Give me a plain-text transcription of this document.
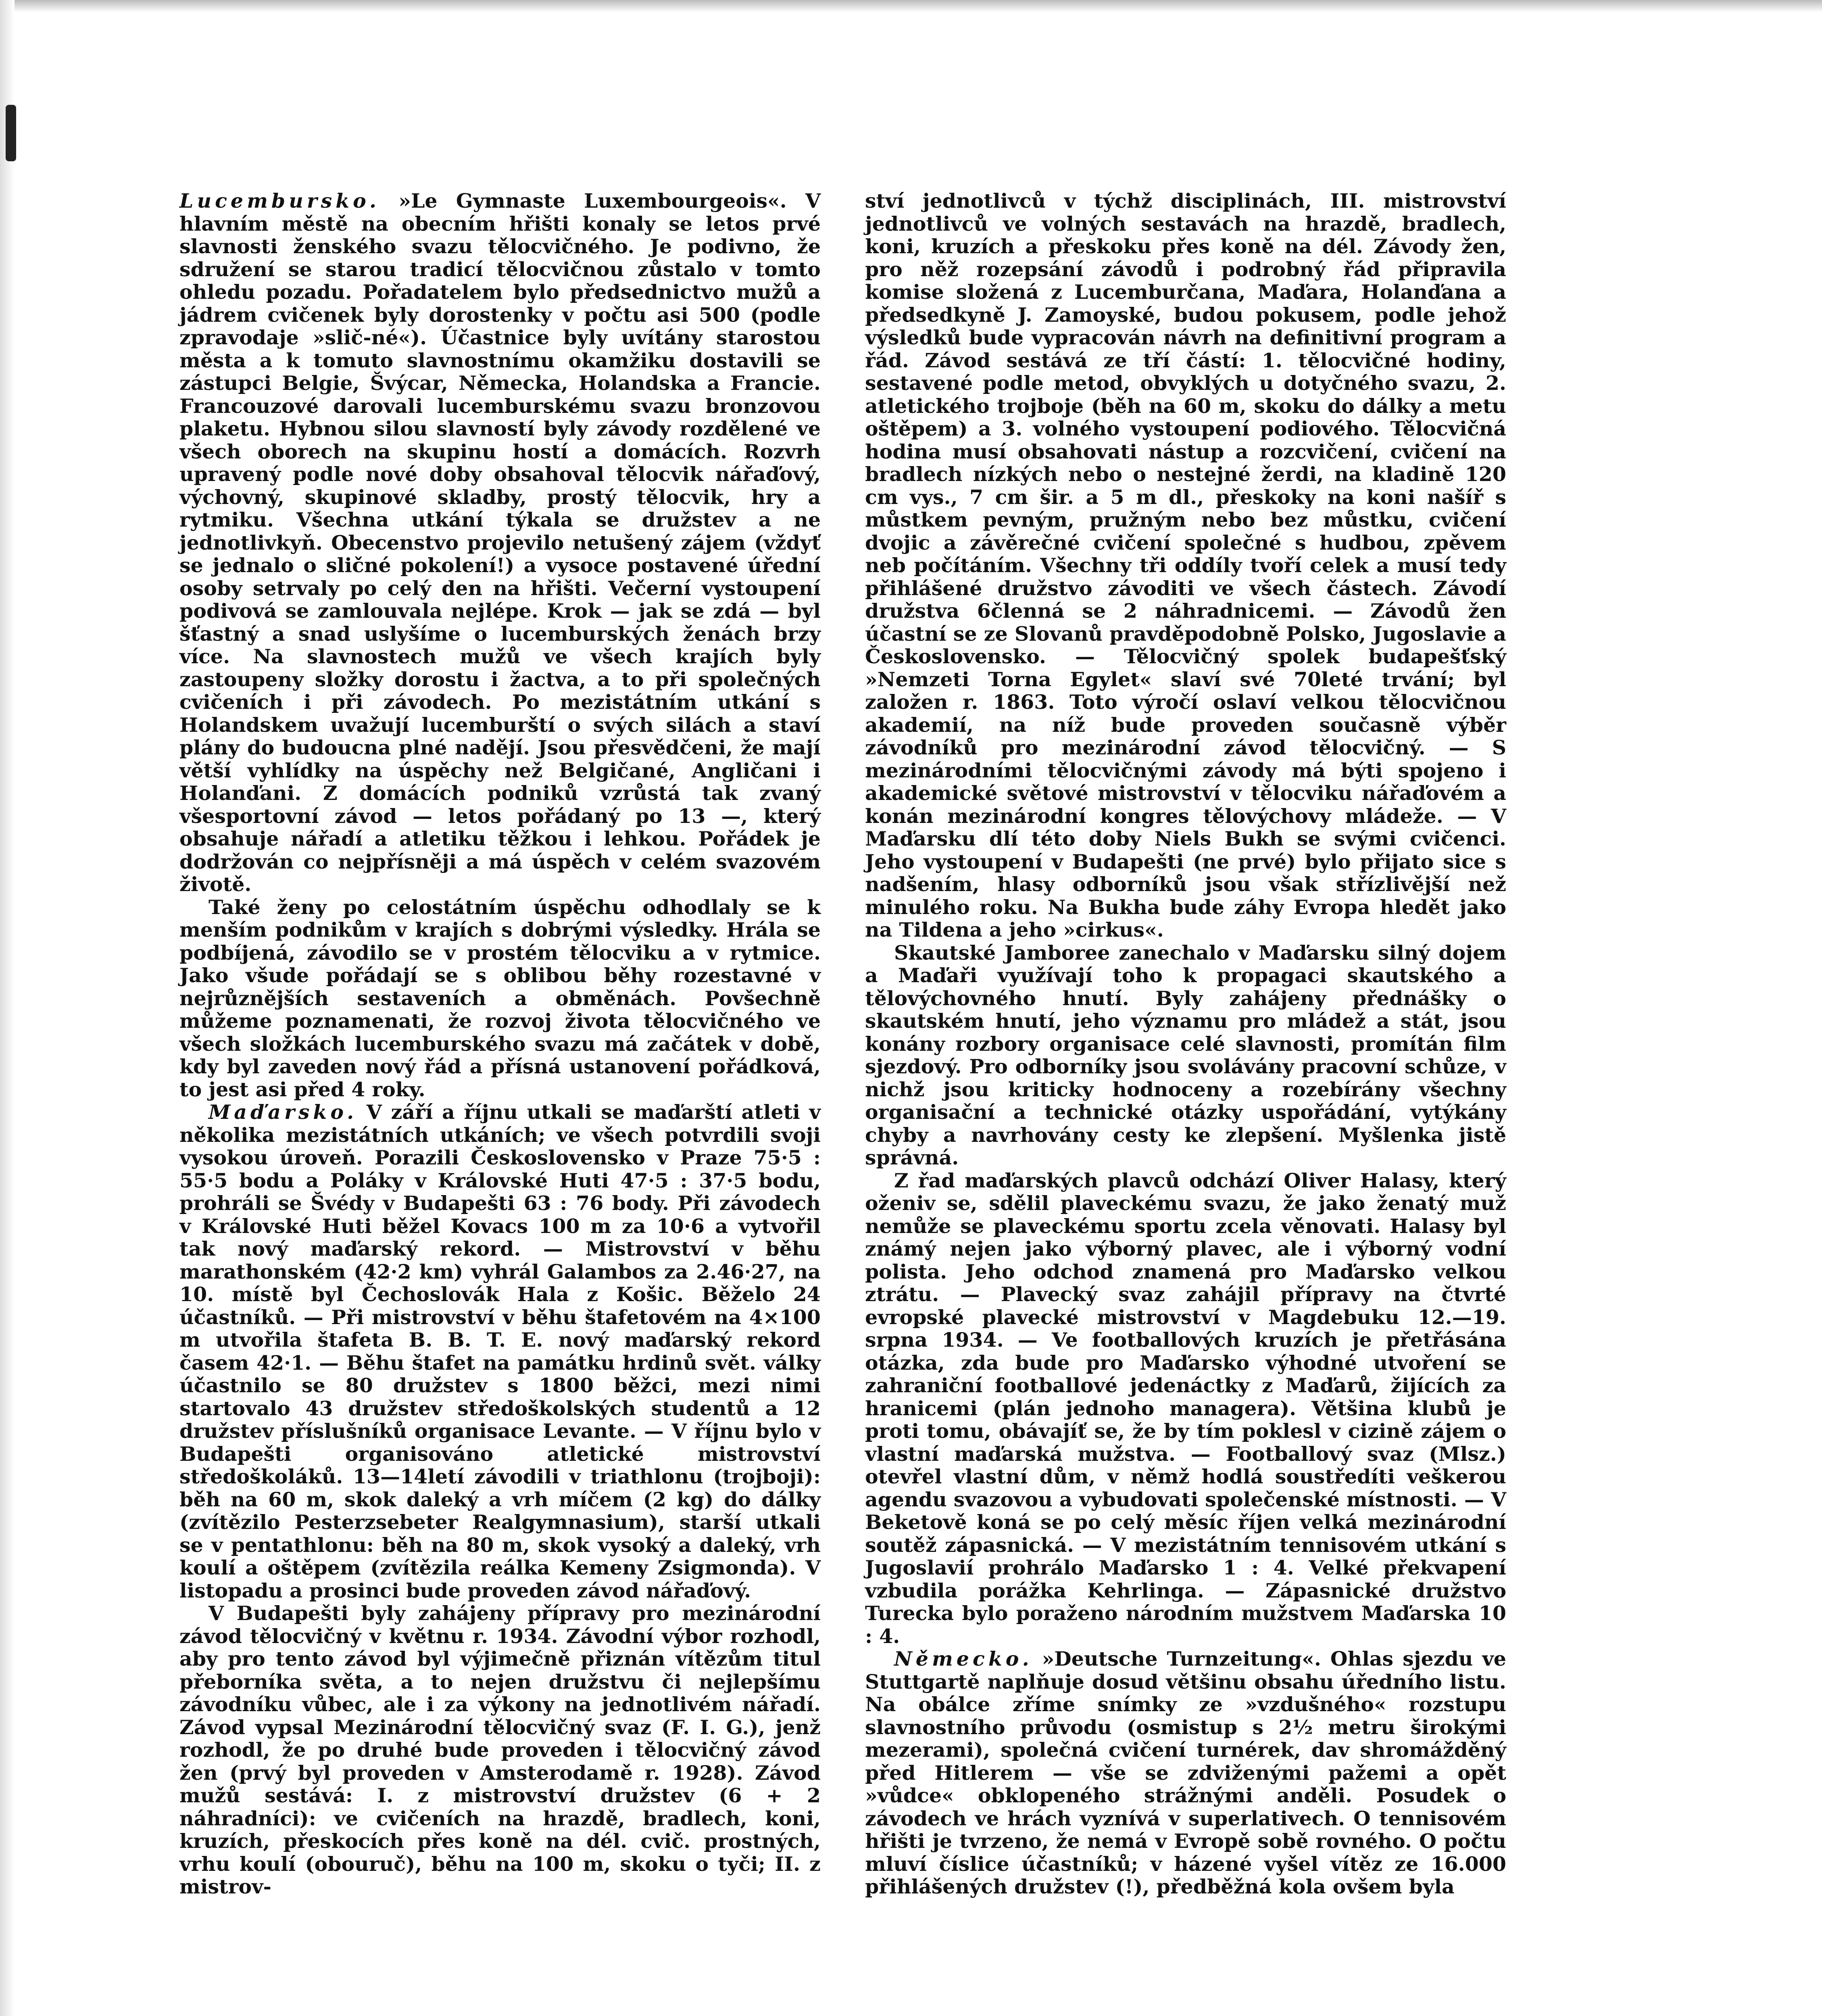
Lucembursko. »Le Gymnaste Luxembourgeois«. V hlavním městě na obecním hřišti konaly se letos prvé slavnosti ženského svazu tělocvičného. Je podivno, že sdružení se starou tradicí tělocvičnou zůstalo v tomto ohledu pozadu. Pořadatelem bylo předsednictvo mužů a jádrem cvičenek byly dorostenky v počtu asi 500 (podle zpravodaje »slič-né«). Účastnice byly uvítány starostou města a k tomuto slavnostnímu okamžiku dostavili se zástupci Belgie, Švýcar, Německa, Holandska a Francie. Francouzové darovali lucemburskému svazu bronzovou plaketu. Hybnou silou slavností byly závody rozdělené ve všech oborech na skupinu hostí a domácích. Rozvrh upravený podle nové doby obsahoval tělocvik nářaďový, výchovný, skupinové skladby, prostý tělocvik, hry a rytmiku. Všechna utkání týkala se družstev a ne jednotlivkyň. Obecenstvo projevilo netušený zájem (vždyť se jednalo o sličné pokolení!) a vysoce postavené úřední osoby setrvaly po celý den na hřišti. Večerní vystoupení podivová se zamlouvala nejlépe. Krok — jak se zdá — byl šťastný a snad uslyšíme o lucemburských ženách brzy více. Na slavnostech mužů ve všech krajích byly zastoupeny složky dorostu i žactva, a to při společných cvičeních i při závodech. Po mezistátním utkání s Holandskem uvažují lucemburští o svých silách a staví plány do budoucna plné nadějí. Jsou přesvědčeni, že mají větší vyhlídky na úspěchy než Belgičané, Angličani i Holanďani. Z domácích podniků vzrůstá tak zvaný všesportovní závod — letos pořádaný po 13 —, který obsahuje nářadí a atletiku těžkou i lehkou. Pořádek je dodržován co nejpřísněji a má úspěch v celém svazovém životě.

Také ženy po celostátním úspěchu odhodlaly se k menším podnikům v krajích s dobrými výsledky. Hrála se podbíjená, závodilo se v prostém tělocviku a v rytmice. Jako všude pořádají se s oblibou běhy rozestavné v nejrůznějších sestaveních a obměnách. Povšechně můžeme poznamenati, že rozvoj života tělocvičného ve všech složkách lucemburského svazu má začátek v době, kdy byl zaveden nový řád a přísná ustanovení pořádková, to jest asi před 4 roky.

Maďarsko. V září a říjnu utkali se maďarští atleti v několika mezistátních utkáních; ve všech potvrdili svoji vysokou úroveň. Porazili Československo v Praze 75·5 : 55·5 bodu a Poláky v Královské Huti 47·5 : 37·5 bodu, prohráli se Švédy v Budapešti 63 : 76 body. Při závodech v Královské Huti běžel Kovacs 100 m za 10·6 a vytvořil tak nový maďarský rekord. — Mistrovství v běhu marathonském (42·2 km) vyhrál Galambos za 2.46·27, na 10. místě byl Čechoslovák Hala z Košic. Běželo 24 účastníků. — Při mistrovství v běhu štafetovém na 4×100 m utvořila štafeta B. B. T. E. nový maďarský rekord časem 42·1. — Běhu štafet na památku hrdinů svět. války účastnilo se 80 družstev s 1800 běžci, mezi nimi startovalo 43 družstev středoškolských studentů a 12 družstev příslušníků organisace Levante. — V říjnu bylo v Budapešti organisováno atletické mistrovství středoškoláků. 13—14letí závodili v triathlonu (trojboji): běh na 60 m, skok daleký a vrh míčem (2 kg) do dálky (zvítězilo Pesterzsebeter Realgymnasium), starší utkali se v pentathlonu: běh na 80 m, skok vysoký a daleký, vrh koulí a oštěpem (zvítězila reálka Kemeny Zsigmonda). V listopadu a prosinci bude proveden závod nářaďový.

V Budapešti byly zahájeny přípravy pro mezinárodní závod tělocvičný v květnu r. 1934. Závodní výbor rozhodl, aby pro tento závod byl výjimečně přiznán vítězům titul přeborníka světa, a to nejen družstvu či nejlepšímu závodníku vůbec, ale i za výkony na jednotlivém nářadí. Závod vypsal Mezinárodní tělocvičný svaz (F. I. G.), jenž rozhodl, že po druhé bude proveden i tělocvičný závod žen (prvý byl proveden v Amsterodamě r. 1928). Závod mužů sestává: I. z mistrovství družstev (6 + 2 náhradníci): ve cvičeních na hrazdě, bradlech, koni, kruzích, přeskocích přes koně na dél. cvič. prostných, vrhu koulí (obouruč), běhu na 100 m, skoku o tyči; II. z mistrov-

ství jednotlivců v týchž disciplinách, III. mistrovství jednotlivců ve volných sestavách na hrazdě, bradlech, koni, kruzích a přeskoku přes koně na dél. Závody žen, pro něž rozepsání závodů i podrobný řád připravila komise složená z Lucemburčana, Maďara, Holanďana a předsedkyně J. Zamoyské, budou pokusem, podle jehož výsledků bude vypracován návrh na definitivní program a řád. Závod sestává ze tří částí: 1. tělocvičné hodiny, sestavené podle metod, obvyklých u dotyčného svazu, 2. atletického trojboje (běh na 60 m, skoku do dálky a metu oštěpem) a 3. volného vystoupení podiového. Tělocvičná hodina musí obsahovati nástup a rozcvičení, cvičení na bradlech nízkých nebo o nestejné žerdi, na kladině 120 cm vys., 7 cm šir. a 5 m dl., přeskoky na koni našíř s můstkem pevným, pružným nebo bez můstku, cvičení dvojic a závěrečné cvičení společné s hudbou, zpěvem neb počítáním. Všechny tři oddíly tvoří celek a musí tedy přihlášené družstvo závoditi ve všech částech. Závodí družstva 6členná se 2 náhradnicemi. — Závodů žen účastní se ze Slovanů pravděpodobně Polsko, Jugoslavie a Československo. — Tělocvičný spolek budapešťský »Nemzeti Torna Egylet« slaví své 70leté trvání; byl založen r. 1863. Toto výročí oslaví velkou tělocvičnou akademií, na níž bude proveden současně výběr závodníků pro mezinárodní závod tělocvičný. — S mezinárodními tělocvičnými závody má býti spojeno i akademické světové mistrovství v tělocviku nářaďovém a konán mezinárodní kongres tělovýchovy mládeže. — V Maďarsku dlí této doby Niels Bukh se svými cvičenci. Jeho vystoupení v Budapešti (ne prvé) bylo přijato sice s nadšením, hlasy odborníků jsou však střízlivější než minulého roku. Na Bukha bude záhy Evropa hledět jako na Tildena a jeho »cirkus«.

Skautské Jamboree zanechalo v Maďarsku silný dojem a Maďaři využívají toho k propagaci skautského a tělovýchovného hnutí. Byly zahájeny přednášky o skautském hnutí, jeho významu pro mládež a stát, jsou konány rozbory organisace celé slavnosti, promítán film sjezdový. Pro odborníky jsou svolávány pracovní schůze, v nichž jsou kriticky hodnoceny a rozebírány všechny organisační a technické otázky uspořádání, vytýkány chyby a navrhovány cesty ke zlepšení. Myšlenka jistě správná.

Z řad maďarských plavců odchází Oliver Halasy, který oženiv se, sdělil plaveckému svazu, že jako ženatý muž nemůže se plaveckému sportu zcela věnovati. Halasy byl známý nejen jako výborný plavec, ale i výborný vodní polista. Jeho odchod znamená pro Maďarsko velkou ztrátu. — Plavecký svaz zahájil přípravy na čtvrté evropské plavecké mistrovství v Magdebuku 12.—19. srpna 1934. — Ve footballových kruzích je přetřásána otázka, zda bude pro Maďarsko výhodné utvoření se zahraniční footballové jedenáctky z Maďarů, žijících za hranicemi (plán jednoho managera). Většina klubů je proti tomu, obávajíť se, že by tím poklesl v cizině zájem o vlastní maďarská mužstva. — Footballový svaz (Mlsz.) otevřel vlastní dům, v němž hodlá soustředíti veškerou agendu svazovou a vybudovati společenské místnosti. — V Beketově koná se po celý měsíc říjen velká mezinárodní soutěž zápasnická. — V mezistátním tennisovém utkání s Jugoslavií prohrálo Maďarsko 1 : 4. Velké překvapení vzbudila porážka Kehrlinga. — Zápasnické družstvo Turecka bylo poraženo národním mužstvem Maďarska 10 : 4.

Německo. »Deutsche Turnzeitung«. Ohlas sjezdu ve Stuttgartě naplňuje dosud většinu obsahu úředního listu. Na obálce zříme snímky ze »vzdušného« rozstupu slavnostního průvodu (osmistup s 2½ metru širokými mezerami), společná cvičení turnérek, dav shromážděný před Hitlerem — vše se zdviženými pažemi a opět »vůdce« obklopeného strážnými anděli. Posudek o závodech ve hrách vyznívá v superlativech. O tennisovém hřišti je tvrzeno, že nemá v Evropě sobě rovného. O počtu mluví číslice účastníků; v házené vyšel vítěz ze 16.000 přihlášených družstev (!), předběžná kola ovšem byla
